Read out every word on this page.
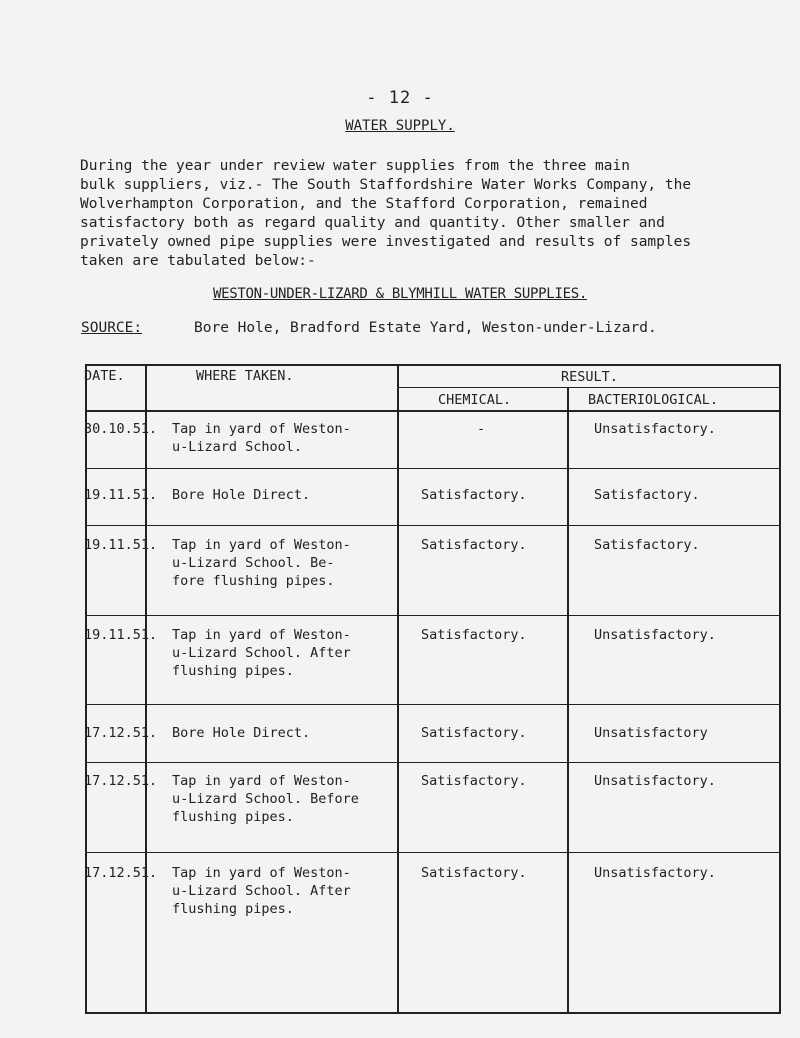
- 12 -
WATER SUPPLY.
During the year under review water supplies from the three main
bulk suppliers, viz.- The South Staffordshire Water Works Company, the
Wolverhampton Corporation, and the Stafford Corporation, remained
satisfactory both as regard quality and quantity. Other smaller and
privately owned pipe supplies were investigated and results of samples
taken are tabulated below:-
WESTON-UNDER-LIZARD & BLYMHILL WATER SUPPLIES.
SOURCE:	Bore Hole, Bradford Estate Yard, Weston-under-Lizard.
DATE.	WHERE TAKEN.	RESULT.
CHEMICAL.	BACTERIOLOGICAL.
30.10.51. Tap in yard of Weston-
u-Lizard School.
-	Unsatisfactory.
19.11.51. Bore Hole Direct.	Satisfactory.	Satisfactory.
19.11.51. Tap in yard of Weston-
u-Lizard School. Be-
fore flushing pipes.
Satisfactory.	Satisfactory.
19.11.51. Tap in yard of Weston-
u-Lizard School. After
flushing pipes.
Satisfactory.	Unsatisfactory.
17.12.51. Bore Hole Direct.	Satisfactory.	Unsatisfactory
17.12.51. Tap in yard of Weston-
u-Lizard School. Before
flushing pipes.
Satisfactory.	Unsatisfactory.
17.12.51. Tap in yard of Weston-
u-Lizard School. After
flushing pipes.
Satisfactory.	Unsatisfactory.
